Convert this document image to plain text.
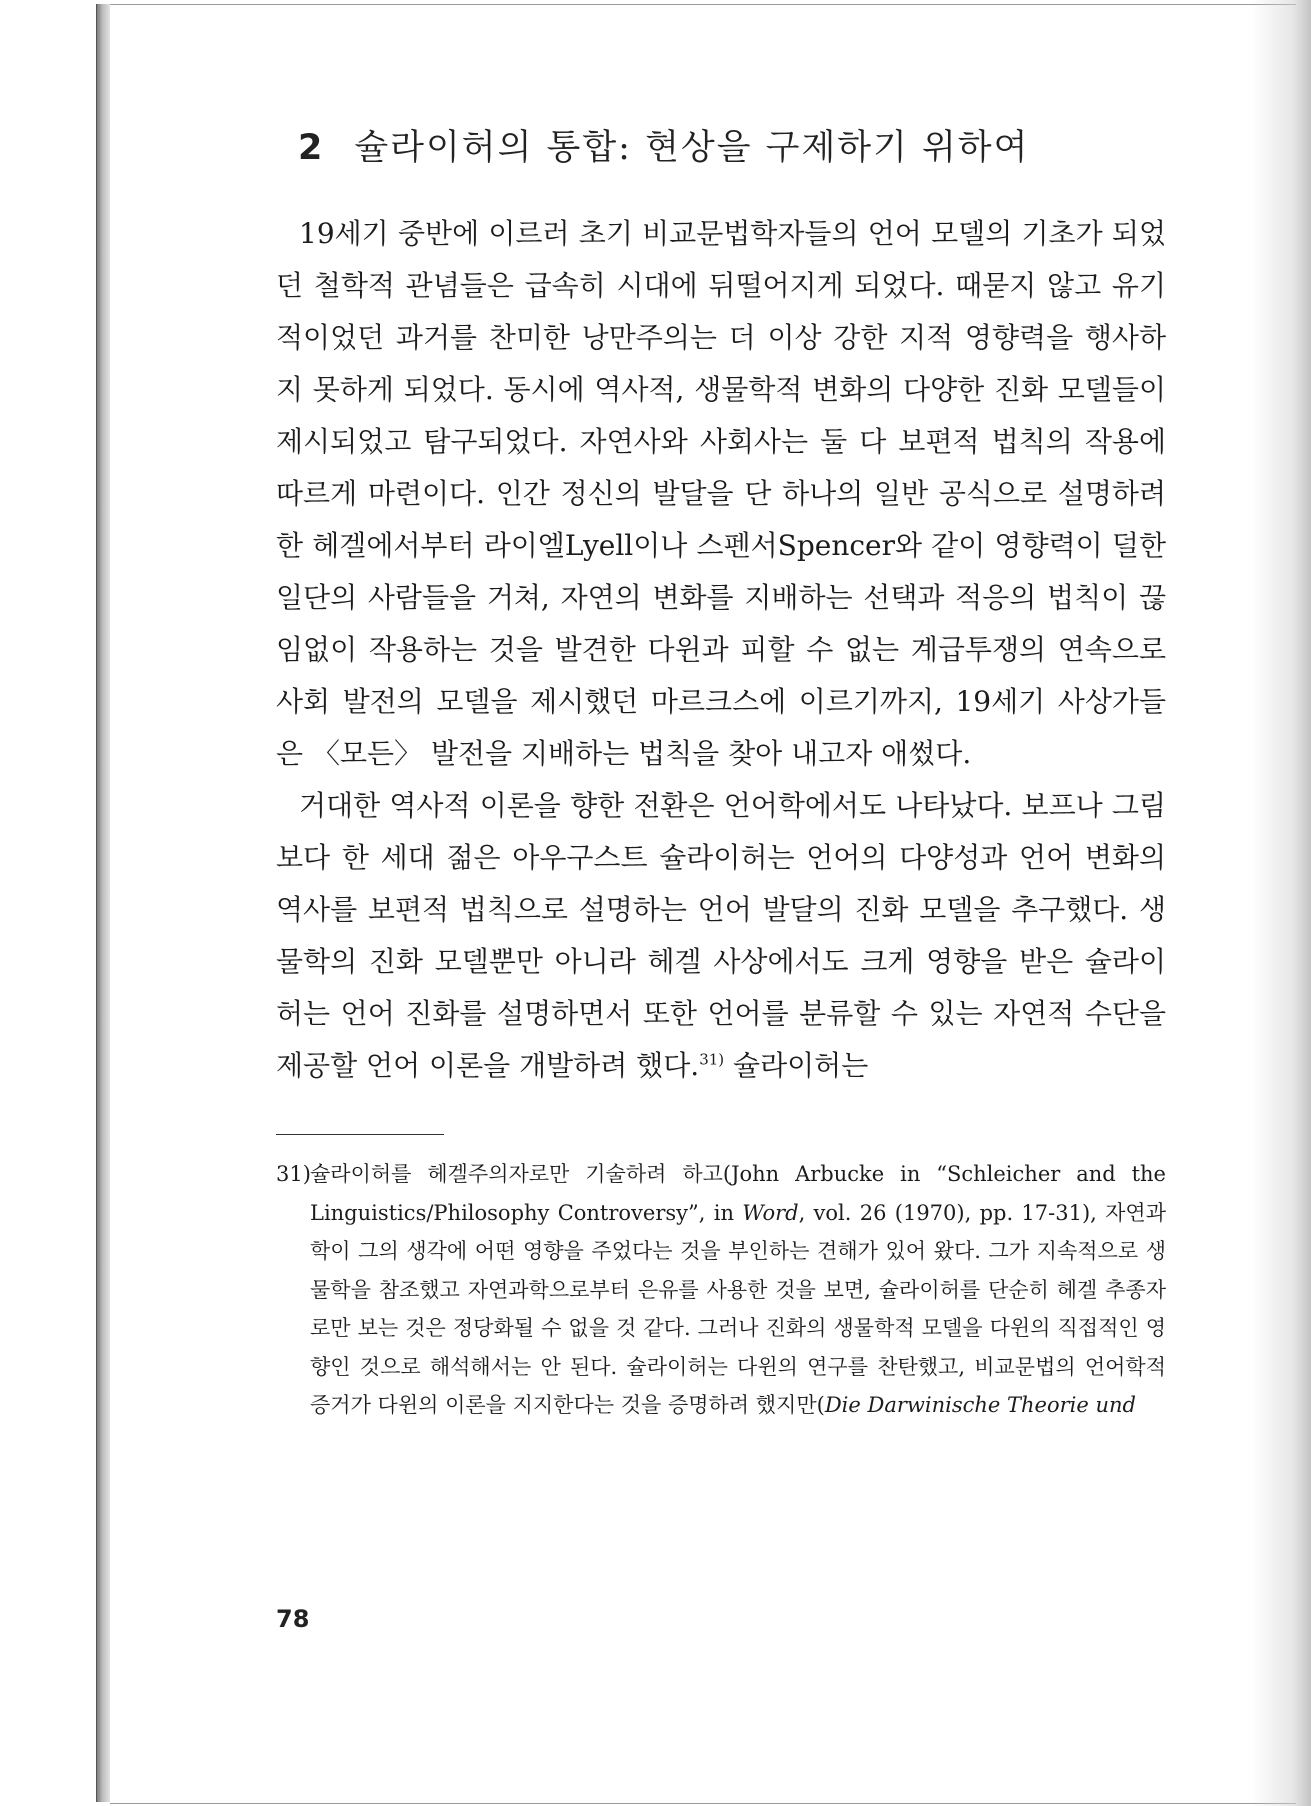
2 슐라이허의 통합: 현상을 구제하기 위하여

19세기 중반에 이르러 초기 비교문법학자들의 언어 모델의 기초가 되었던 철학적 관념들은 급속히 시대에 뒤떨어지게 되었다. 때묻지 않고 유기적이었던 과거를 찬미한 낭만주의는 더 이상 강한 지적 영향력을 행사하지 못하게 되었다. 동시에 역사적, 생물학적 변화의 다양한 진화 모델들이 제시되었고 탐구되었다. 자연사와 사회사는 둘 다 보편적 법칙의 작용에 따르게 마련이다. 인간 정신의 발달을 단 하나의 일반 공식으로 설명하려 한 헤겔에서부터 라이엘Lyell이나 스펜서Spencer와 같이 영향력이 덜한 일단의 사람들을 거쳐, 자연의 변화를 지배하는 선택과 적응의 법칙이 끊임없이 작용하는 것을 발견한 다윈과 피할 수 없는 계급투쟁의 연속으로 사회 발전의 모델을 제시했던 마르크스에 이르기까지, 19세기 사상가들은 〈모든〉 발전을 지배하는 법칙을 찾아 내고자 애썼다.

거대한 역사적 이론을 향한 전환은 언어학에서도 나타났다. 보프나 그림보다 한 세대 젊은 아우구스트 슐라이허는 언어의 다양성과 언어 변화의 역사를 보편적 법칙으로 설명하는 언어 발달의 진화 모델을 추구했다. 생물학의 진화 모델뿐만 아니라 헤겔 사상에서도 크게 영향을 받은 슐라이허는 언어 진화를 설명하면서 또한 언어를 분류할 수 있는 자연적 수단을 제공할 언어 이론을 개발하려 했다.$^{31)}$ 슐라이허는

31) 슐라이허를 헤겔주의자로만 기술하려 하고(John Arbucke in “Schleicher and the Linguistics/Philosophy Controversy”, in Word, vol. 26 (1970), pp. 17-31), 자연과학이 그의 생각에 어떤 영향을 주었다는 것을 부인하는 견해가 있어 왔다. 그가 지속적으로 생물학을 참조했고 자연과학으로부터 은유를 사용한 것을 보면, 슐라이허를 단순히 헤겔 추종자로만 보는 것은 정당화될 수 없을 것 같다. 그러나 진화의 생물학적 모델을 다윈의 직접적인 영향인 것으로 해석해서는 안 된다. 슐라이허는 다윈의 연구를 찬탄했고, 비교문법의 언어학적 증거가 다윈의 이론을 지지한다는 것을 증명하려 했지만(Die Darwinische Theorie und
78
